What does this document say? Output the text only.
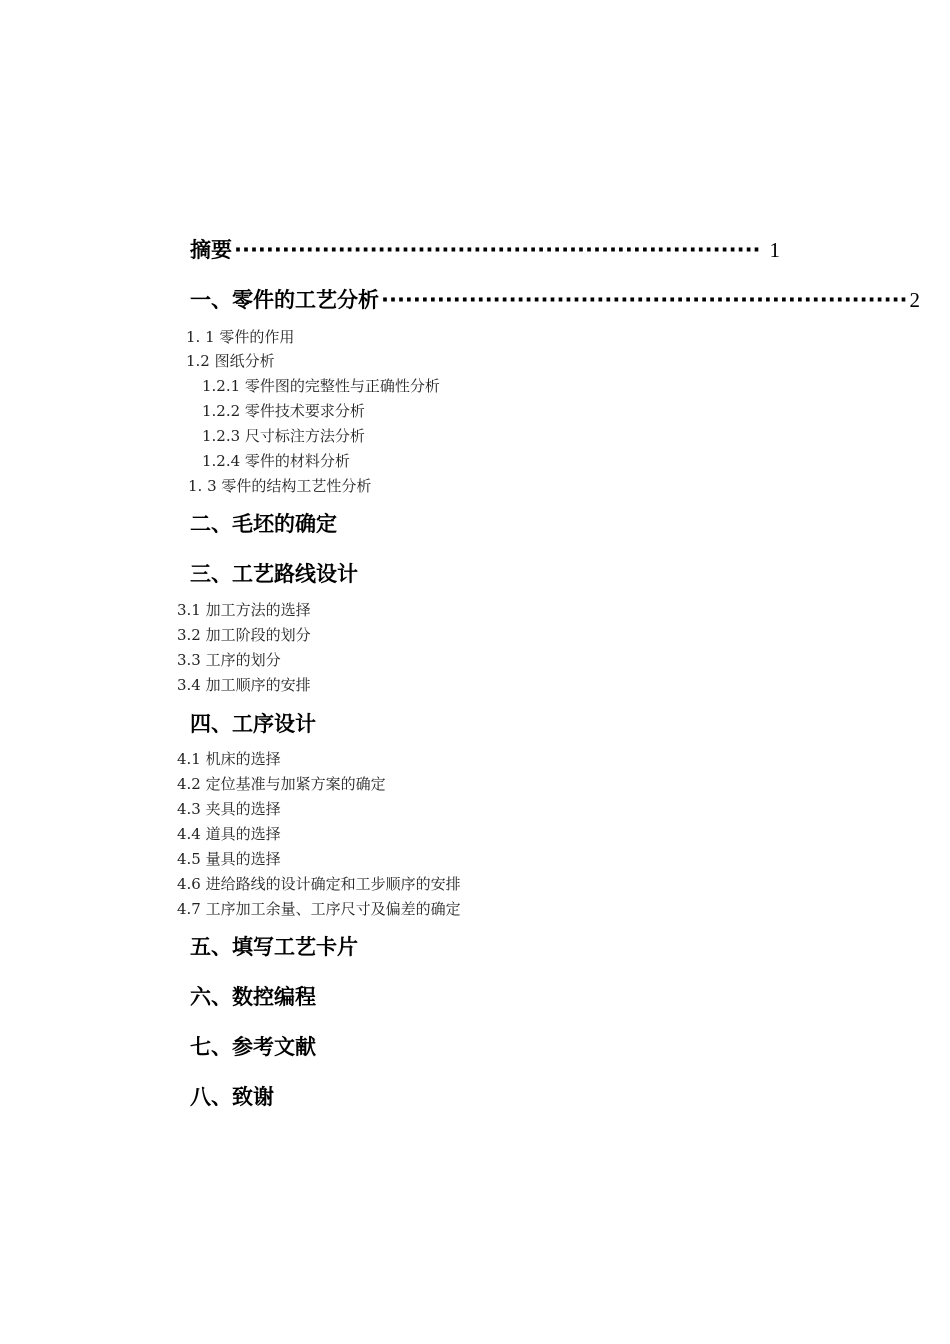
摘要 ·································································· 1
一、零件的工艺分析 ·································································· 2
1. 1 零件的作用
1.2 图纸分析
1.2.1 零件图的完整性与正确性分析
1.2.2 零件技术要求分析
1.2.3 尺寸标注方法分析
1.2.4 零件的材料分析
1. 3 零件的结构工艺性分析
二、毛坯的确定
三、工艺路线设计
3.1 加工方法的选择
3.2 加工阶段的划分
3.3 工序的划分
3.4 加工顺序的安排
四、工序设计
4.1 机床的选择
4.2 定位基准与加紧方案的确定
4.3 夹具的选择
4.4 道具的选择
4.5 量具的选择
4.6 进给路线的设计确定和工步顺序的安排
4.7 工序加工余量、工序尺寸及偏差的确定
五、填写工艺卡片
六、数控编程
七、参考文献
八、致谢
